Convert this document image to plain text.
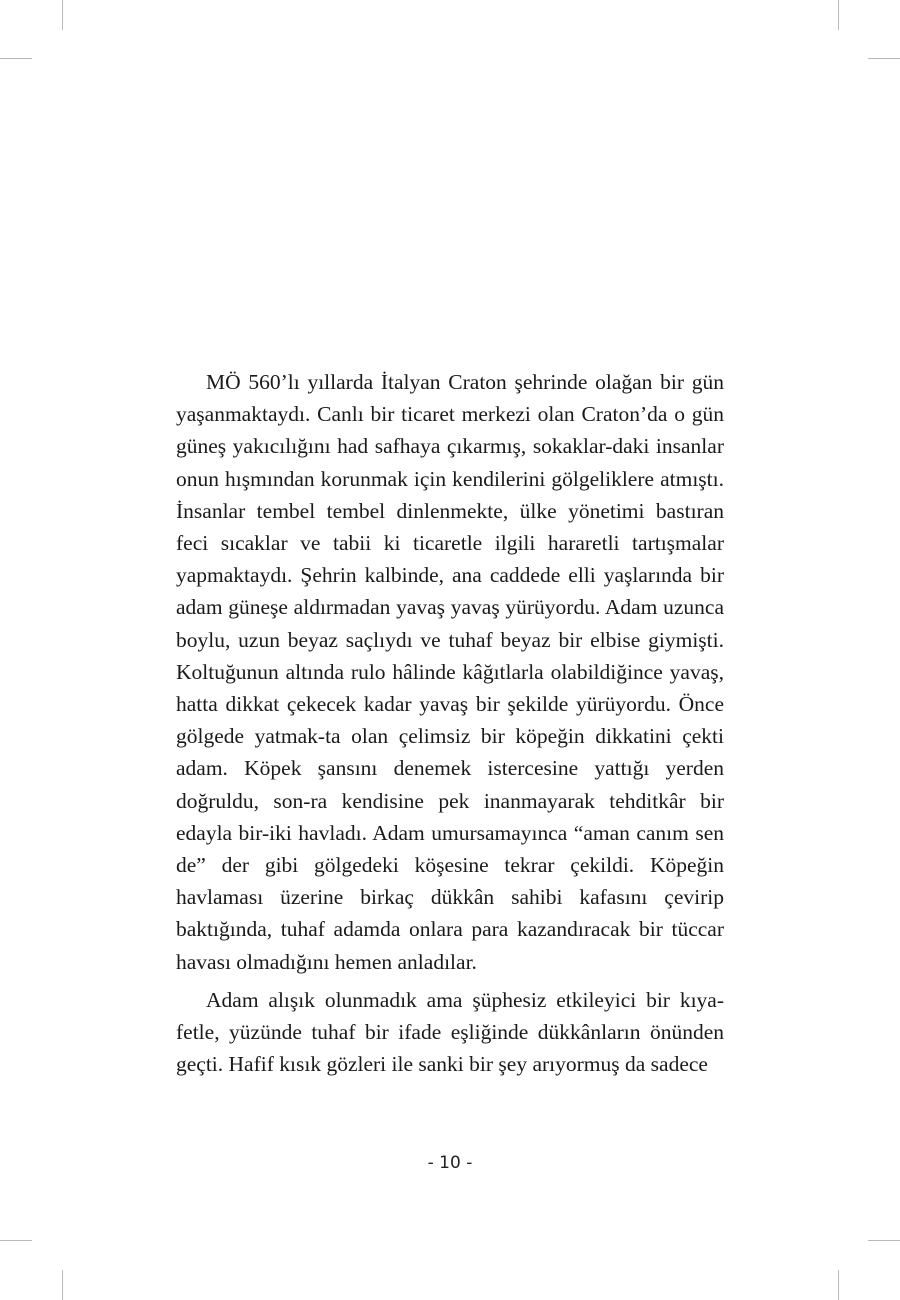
MÖ 560’lı yıllarda İtalyan Craton şehrinde olağan bir gün yaşanmaktaydı. Canlı bir ticaret merkezi olan Craton’da o gün güneş yakıcılığını had safhaya çıkarmış, sokaklar-daki insanlar onun hışmından korunmak için kendilerini gölgeliklere atmıştı. İnsanlar tembel tembel dinlenmekte, ülke yönetimi bastıran feci sıcaklar ve tabii ki ticaretle ilgili hararetli tartışmalar yapmaktaydı. Şehrin kalbinde, ana caddede elli yaşlarında bir adam güneşe aldırmadan yavaş yavaş yürüyordu. Adam uzunca boylu, uzun beyaz saçlıydı ve tuhaf beyaz bir elbise giymişti. Koltuğunun altında rulo hâlinde kâğıtlarla olabildiğince yavaş, hatta dikkat çekecek kadar yavaş bir şekilde yürüyordu. Önce gölgede yatmak-ta olan çelimsiz bir köpeğin dikkatini çekti adam. Köpek şansını denemek istercesine yattığı yerden doğruldu, son-ra kendisine pek inanmayarak tehditkâr bir edayla bir-iki havladı. Adam umursamayınca “aman canım sen de” der gibi gölgedeki köşesine tekrar çekildi. Köpeğin havlaması üzerine birkaç dükkân sahibi kafasını çevirip baktığında, tuhaf adamda onlara para kazandıracak bir tüccar havası olmadığını hemen anladılar.

Adam alışık olunmadık ama şüphesiz etkileyici bir kıya-fetle, yüzünde tuhaf bir ifade eşliğinde dükkânların önünden geçti. Hafif kısık gözleri ile sanki bir şey arıyormuş da sadece

- 10 -
